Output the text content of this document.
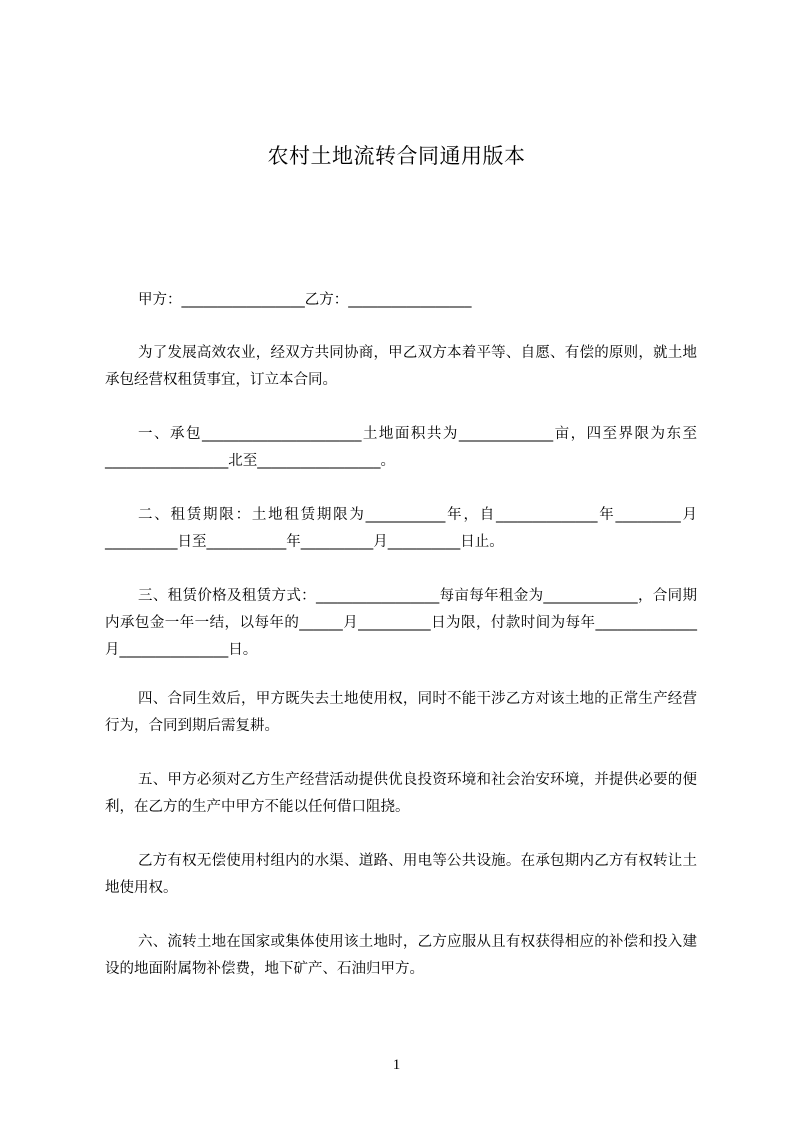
农村土地流转合同通用版本
甲方：_________________乙方：_________________
为了发展高效农业，经双方共同协商，甲乙双方本着平等、自愿、有偿的原则，就土地承包经营权租赁事宜，订立本合同。
一、承包______________________土地面积共为_____________亩，四至界限为东至_________________北至_________________。
二、租赁期限：土地租赁期限为___________年，自______________年_________月__________日至___________年__________月__________日止。
三、租赁价格及租赁方式：_________________每亩每年租金为_____________，合同期内承包金一年一结，以每年的______月__________日为限，付款时间为每年______________月_______________日。
四、合同生效后，甲方既失去土地使用权，同时不能干涉乙方对该土地的正常生产经营行为，合同到期后需复耕。
五、甲方必须对乙方生产经营活动提供优良投资环境和社会治安环境，并提供必要的便利，在乙方的生产中甲方不能以任何借口阻挠。
乙方有权无偿使用村组内的水渠、道路、用电等公共设施。在承包期内乙方有权转让土地使用权。
六、流转土地在国家或集体使用该土地时，乙方应服从且有权获得相应的补偿和投入建设的地面附属物补偿费，地下矿产、石油归甲方。
1
